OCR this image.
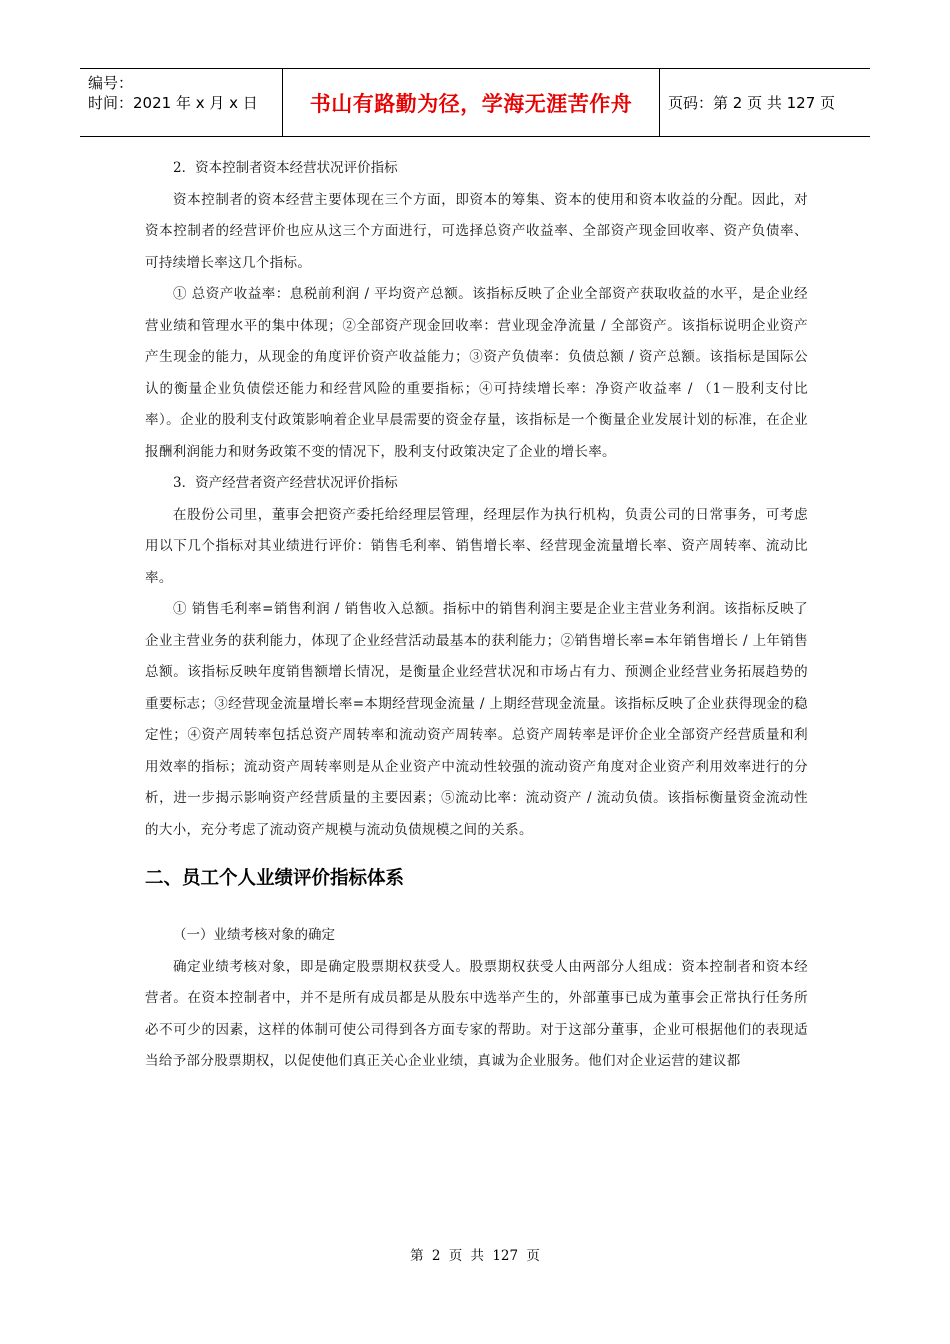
编号：
时间：2021 年 x 月 x 日	书山有路勤为径，学海无涯苦作舟	页码：第 2 页 共 127 页

2．资本控制者资本经营状况评价指标

资本控制者的资本经营主要体现在三个方面，即资本的筹集、资本的使用和资本收益的分配。因此，对资本控制者的经营评价也应从这三个方面进行，可选择总资产收益率、全部资产现金回收率、资产负债率、可持续增长率这几个指标。

① 总资产收益率：息税前利润 / 平均资产总额。该指标反映了企业全部资产获取收益的水平，是企业经营业绩和管理水平的集中体现；②全部资产现金回收率：营业现金净流量 / 全部资产。该指标说明企业资产产生现金的能力，从现金的角度评价资产收益能力；③资产负债率：负债总额 / 资产总额。该指标是国际公认的衡量企业负债偿还能力和经营风险的重要指标；④可持续增长率：净资产收益率 / （1－股利支付比率）。企业的股利支付政策影响着企业早晨需要的资金存量，该指标是一个衡量企业发展计划的标准，在企业报酬利润能力和财务政策不变的情况下，股利支付政策决定了企业的增长率。

3．资产经营者资产经营状况评价指标

在股份公司里，董事会把资产委托给经理层管理，经理层作为执行机构，负责公司的日常事务，可考虑用以下几个指标对其业绩进行评价：销售毛利率、销售增长率、经营现金流量增长率、资产周转率、流动比率。

① 销售毛利率=销售利润 / 销售收入总额。指标中的销售利润主要是企业主营业务利润。该指标反映了企业主营业务的获利能力，体现了企业经营活动最基本的获利能力；②销售增长率=本年销售增长 / 上年销售总额。该指标反映年度销售额增长情况，是衡量企业经营状况和市场占有力、预测企业经营业务拓展趋势的重要标志；③经营现金流量增长率=本期经营现金流量 / 上期经营现金流量。该指标反映了企业获得现金的稳定性；④资产周转率包括总资产周转率和流动资产周转率。总资产周转率是评价企业全部资产经营质量和利用效率的指标；流动资产周转率则是从企业资产中流动性较强的流动资产角度对企业资产利用效率进行的分析，进一步揭示影响资产经营质量的主要因素；⑤流动比率：流动资产 / 流动负债。该指标衡量资金流动性的大小，充分考虑了流动资产规模与流动负债规模之间的关系。

二、员工个人业绩评价指标体系

（一）业绩考核对象的确定

确定业绩考核对象，即是确定股票期权获受人。股票期权获受人由两部分人组成：资本控制者和资本经营者。在资本控制者中，并不是所有成员都是从股东中选举产生的，外部董事已成为董事会正常执行任务所必不可少的因素，这样的体制可使公司得到各方面专家的帮助。对于这部分董事，企业可根据他们的表现适当给予部分股票期权，以促使他们真正关心企业业绩，真诚为企业服务。他们对企业运营的建议都

第 2 页 共 127 页
